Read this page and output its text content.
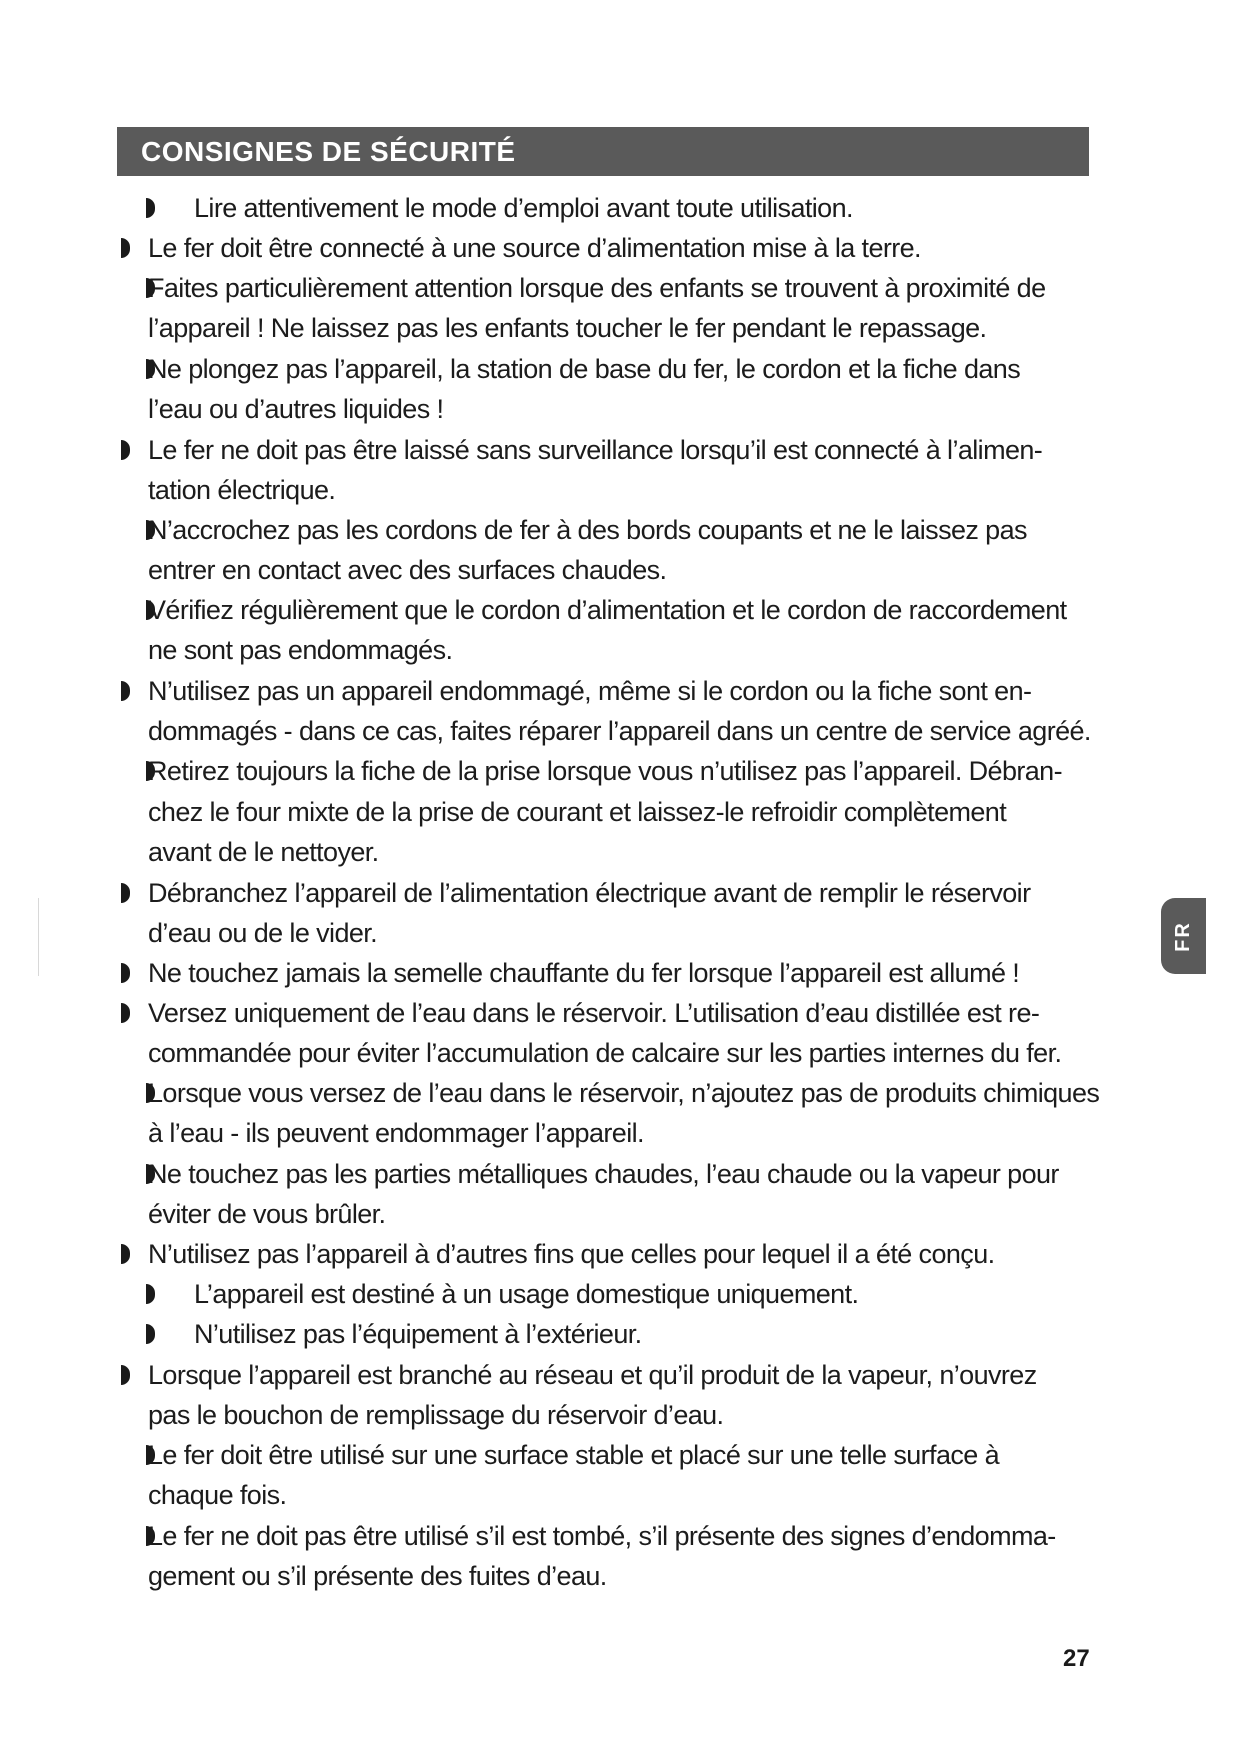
CONSIGNES DE SÉCURITÉ
Lire attentivement le mode d’emploi avant toute utilisation.
Le fer doit être connecté à une source d’alimentation mise à la terre.
Faites particulièrement attention lorsque des enfants se trouvent à proximité de
l’appareil ! Ne laissez pas les enfants toucher le fer pendant le repassage.
Ne plongez pas l’appareil, la station de base du fer, le cordon et la fiche dans
l’eau ou d’autres liquides !
Le fer ne doit pas être laissé sans surveillance lorsqu’il est connecté à l’alimen-
tation électrique.
N’accrochez pas les cordons de fer à des bords coupants et ne le laissez pas
entrer en contact avec des surfaces chaudes.
Vérifiez régulièrement que le cordon d’alimentation et le cordon de raccordement
ne sont pas endommagés.
N’utilisez pas un appareil endommagé, même si le cordon ou la fiche sont en-
dommagés - dans ce cas, faites réparer l’appareil dans un centre de service agréé.
Retirez toujours la fiche de la prise lorsque vous n’utilisez pas l’appareil. Débran-
chez le four mixte de la prise de courant et laissez-le refroidir complètement
avant de le nettoyer.
Débranchez l’appareil de l’alimentation électrique avant de remplir le réservoir
d’eau ou de le vider.
Ne touchez jamais la semelle chauffante du fer lorsque l’appareil est allumé !
Versez uniquement de l’eau dans le réservoir. L’utilisation d’eau distillée est re-
commandée pour éviter l’accumulation de calcaire sur les parties internes du fer.
Lorsque vous versez de l’eau dans le réservoir, n’ajoutez pas de produits chimiques
à l’eau - ils peuvent endommager l’appareil.
Ne touchez pas les parties métalliques chaudes, l’eau chaude ou la vapeur pour
éviter de vous brûler.
N’utilisez pas l’appareil à d’autres fins que celles pour lequel il a été conçu.
L’appareil est destiné à un usage domestique uniquement.
N’utilisez pas l’équipement à l’extérieur.
Lorsque l’appareil est branché au réseau et qu’il produit de la vapeur, n’ouvrez
pas le bouchon de remplissage du réservoir d’eau.
Le fer doit être utilisé sur une surface stable et placé sur une telle surface à
chaque fois.
Le fer ne doit pas être utilisé s’il est tombé, s’il présente des signes d’endomma-
gement ou s’il présente des fuites d’eau.
FR
27
